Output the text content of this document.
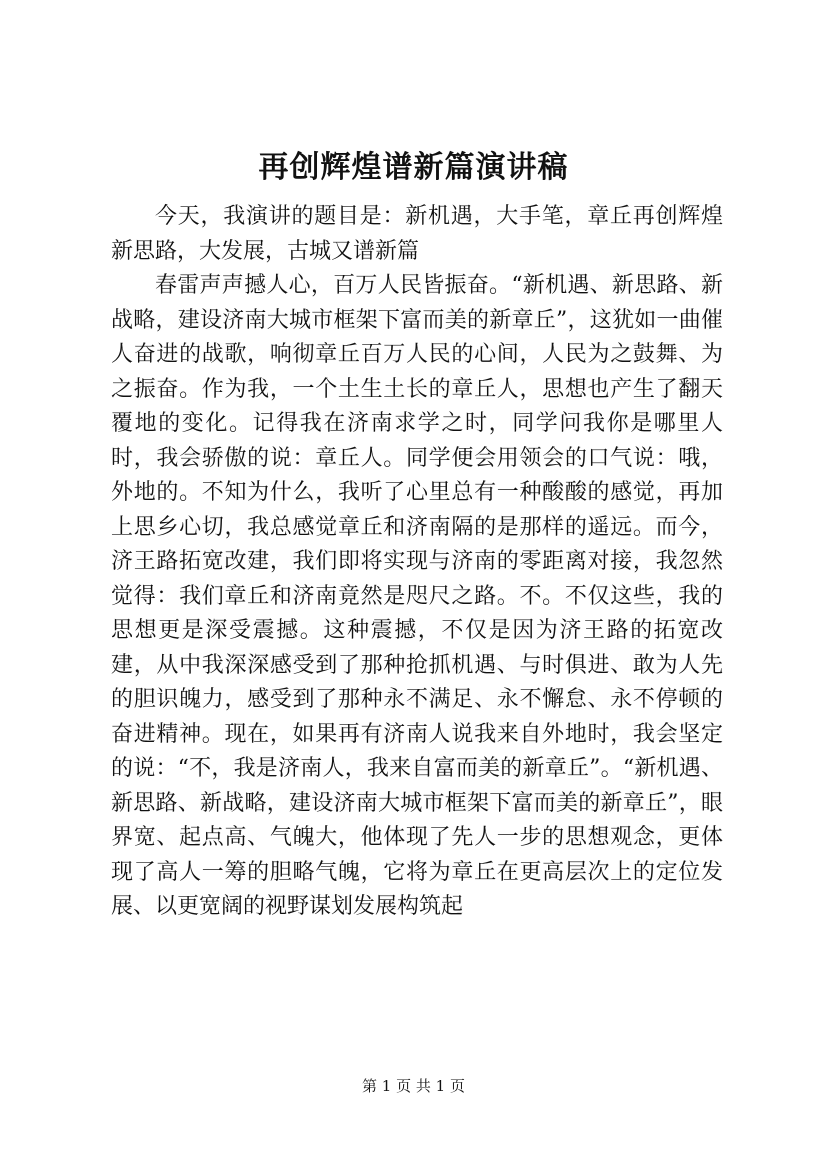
再创辉煌谱新篇演讲稿

今天，我演讲的题目是：新机遇，大手笔，章丘再创辉煌新思路，大发展，古城又谱新篇

春雷声声撼人心，百万人民皆振奋。“新机遇、新思路、新战略，建设济南大城市框架下富而美的新章丘”，这犹如一曲催人奋进的战歌，响彻章丘百万人民的心间，人民为之鼓舞、为之振奋。作为我，一个土生土长的章丘人，思想也产生了翻天覆地的变化。记得我在济南求学之时，同学问我你是哪里人时，我会骄傲的说：章丘人。同学便会用领会的口气说：哦，外地的。不知为什么，我听了心里总有一种酸酸的感觉，再加上思乡心切，我总感觉章丘和济南隔的是那样的遥远。而今，济王路拓宽改建，我们即将实现与济南的零距离对接，我忽然觉得：我们章丘和济南竟然是咫尺之路。不。不仅这些，我的思想更是深受震撼。这种震撼，不仅是因为济王路的拓宽改建，从中我深深感受到了那种抢抓机遇、与时俱进、敢为人先的胆识魄力，感受到了那种永不满足、永不懈怠、永不停顿的奋进精神。现在，如果再有济南人说我来自外地时，我会坚定的说：“不，我是济南人，我来自富而美的新章丘”。“新机遇、新思路、新战略，建设济南大城市框架下富而美的新章丘”，眼界宽、起点高、气魄大，他体现了先人一步的思想观念，更体现了高人一筹的胆略气魄，它将为章丘在更高层次上的定位发展、以更宽阔的视野谋划发展构筑起

第 1 页 共 1 页
